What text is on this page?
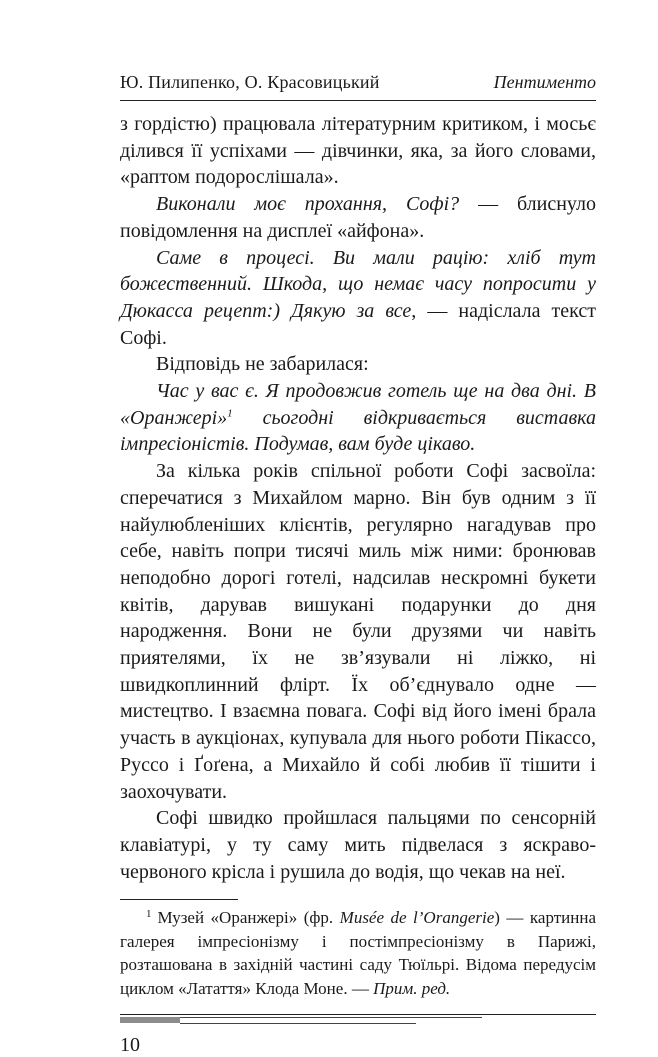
Ю. Пилипенко, О. Красовицький	Пентименто

з гордістю) працювала літературним критиком, і мосьє ділився її успіхами — дівчинки, яка, за його словами, «раптом подорослішала».

Виконали моє прохання, Софі? — блиснуло повідомлення на дисплеї «айфона».

Саме в процесі. Ви мали рацію: хліб тут божественний. Шкода, що немає часу попросити у Дюкасса рецепт:) Дякую за все, — надіслала текст Софі.

Відповідь не забарилася:

Час у вас є. Я продовжив готель ще на два дні. В «Оранжері»$^1$ сьогодні відкривається виставка імпресіоністів. Подумав, вам буде цікаво.

За кілька років спільної роботи Софі засвоїла: сперечатися з Михайлом марно. Він був одним з її найулюбленіших клієнтів, регулярно нагадував про себе, навіть попри тисячі миль між ними: бронював неподобно дорогі готелі, надсилав нескромні букети квітів, дарував вишукані подарунки до дня народження. Вони не були друзями чи навіть приятелями, їх не зв’язували ні ліжко, ні швидкоплинний флірт. Їх об’єднувало одне — мистецтво. І взаємна повага. Софі від його імені брала участь в аукціонах, купувала для нього роботи Пікассо, Руссо і Ґоґена, а Михайло й собі любив її тішити і заохочувати.

Софі швидко пройшлася пальцями по сенсорній клавіатурі, у ту саму мить підвелася з яскраво-червоного крісла і рушила до водія, що чекав на неї.

$^1$ Музей «Оранжері» (фр. Musée de l’Orangerie) — картинна галерея імпресіонізму і постімпресіонізму в Парижі, розташована в західній частині саду Тюїльрі. Відома передусім циклом «Латаття» Клода Моне. — Прим. ред.

10
